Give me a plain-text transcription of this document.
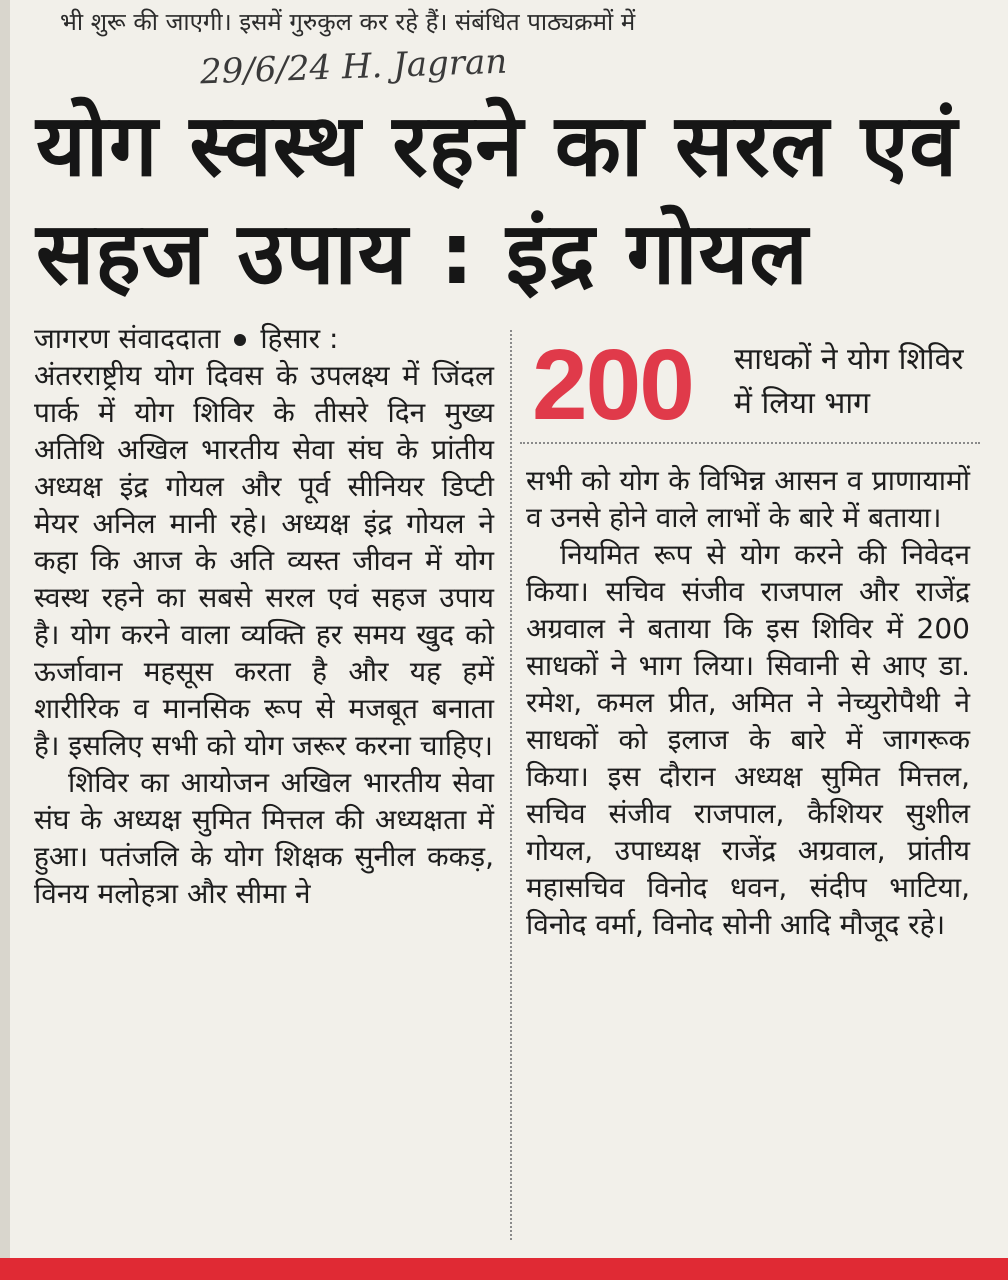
भी शुरू की जाएगी। इसमें गुरुकुल कर रहे हैं। संबंधित पाठ्यक्रमों में
29/6/24 H. Jagran
योग स्वस्थ रहने का सरल एवं सहज उपाय : इंद्र गोयल
जागरण संवाददाता हिसार :

अंतरराष्ट्रीय योग दिवस के उपलक्ष्य में जिंदल पार्क में योग शिविर के तीसरे दिन मुख्य अतिथि अखिल भारतीय सेवा संघ के प्रांतीय अध्यक्ष इंद्र गोयल और पूर्व सीनियर डिप्टी मेयर अनिल मानी रहे। अध्यक्ष इंद्र गोयल ने कहा कि आज के अति व्यस्त जीवन में योग स्वस्थ रहने का सबसे सरल एवं सहज उपाय है। योग करने वाला व्यक्ति हर समय खुद को ऊर्जावान महसूस करता है और यह हमें शारीरिक व मानसिक रूप से मजबूत बनाता है। इसलिए सभी को योग जरूर करना चाहिए।

शिविर का आयोजन अखिल भारतीय सेवा संघ के अध्यक्ष सुमित मित्तल की अध्यक्षता में हुआ। पतंजलि के योग शिक्षक सुनील ककड़, विनय मलोहत्रा और सीमा ने

200	साधकों ने योग शिविर में लिया भाग

सभी को योग के विभिन्न आसन व प्राणायामों व उनसे होने वाले लाभों के बारे में बताया।

नियमित रूप से योग करने की निवेदन किया। सचिव संजीव राजपाल और राजेंद्र अग्रवाल ने बताया कि इस शिविर में 200 साधकों ने भाग लिया। सिवानी से आए डा. रमेश, कमल प्रीत, अमित ने नेच्युरोपैथी ने साधकों को इलाज के बारे में जागरूक किया। इस दौरान अध्यक्ष सुमित मित्तल, सचिव संजीव राजपाल, कैशियर सुशील गोयल, उपाध्यक्ष राजेंद्र अग्रवाल, प्रांतीय महासचिव विनोद धवन, संदीप भाटिया, विनोद वर्मा, विनोद सोनी आदि मौजूद रहे।
